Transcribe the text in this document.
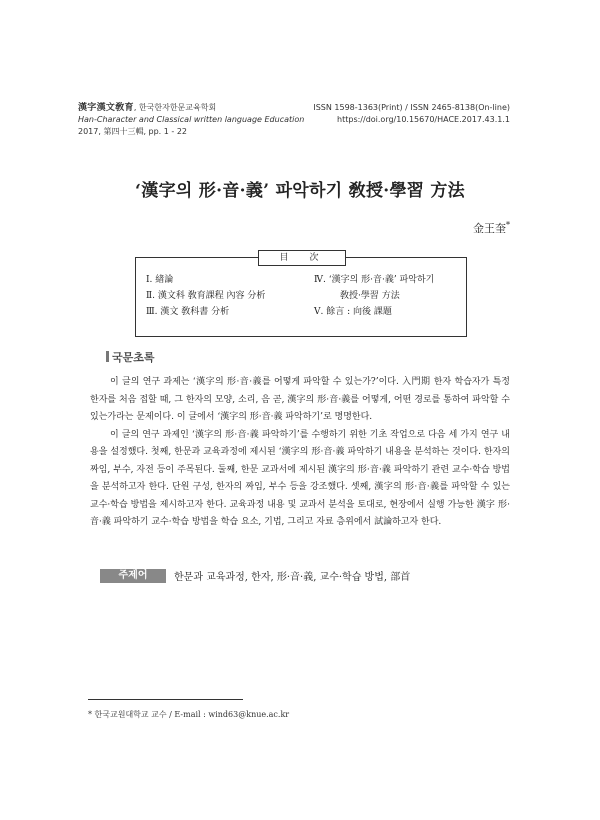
漢字漢文敎育, 한국한자한문교육학회
Han-Character and Classical written language Education
2017, 第四十三輯, pp. 1 - 22
ISSN 1598-1363(Print) / ISSN 2465-8138(On-line)
https://doi.org/10.15670/HACE.2017.43.1.1
‘漢字의 形·音·義’ 파악하기 敎授·學習 方法
金王奎*
目　次
Ⅰ. 緖論
Ⅱ. 漢文科 敎育課程 內容 分析
Ⅲ. 漢文 敎科書 分析
Ⅳ. ‘漢字의 形·音·義’ 파악하기
敎授·學習 方法
Ⅴ. 餘言 : 向後 課題
국문초록

이 글의 연구 과제는 ‘漢字의 形·音·義를 어떻게 파악할 수 있는가?’이다. 入門期 한자 학습자가 특정 한자를 처음 접할 때, 그 한자의 모양, 소리, 음 곧, 漢字의 形·音·義를 어떻게, 어떤 경로를 통하여 파악할 수 있는가라는 문제이다. 이 글에서 ‘漢字의 形·音·義 파악하기’로 명명한다.

이 글의 연구 과제인 ‘漢字의 形·音·義 파악하기’를 수행하기 위한 기초 작업으로 다음 세 가지 연구 내용을 설정했다. 첫째, 한문과 교육과정에 제시된 ‘漢字의 形·音·義 파악하기 내용을 분석하는 것이다. 한자의 짜임, 부수, 자전 등이 주목된다. 둘째, 한문 교과서에 제시된 漢字의 形·音·義 파악하기 관련 교수·학습 방법을 분석하고자 한다. 단원 구성, 한자의 짜임, 부수 등을 강조했다. 셋째, 漢字의 形·音·義를 파악할 수 있는 교수·학습 방법을 제시하고자 한다. 교육과정 내용 및 교과서 분석을 토대로, 현장에서 실행 가능한 漢字 形·音·義 파악하기 교수·학습 방법을 학습 요소, 기법, 그리고 자료 층위에서 試論하고자 한다.

주제어	한문과 교육과정, 한자, 形·音·義, 교수·학습 방법, 部首
* 한국교원대학교 교수 / E-mail : wind63@knue.ac.kr
